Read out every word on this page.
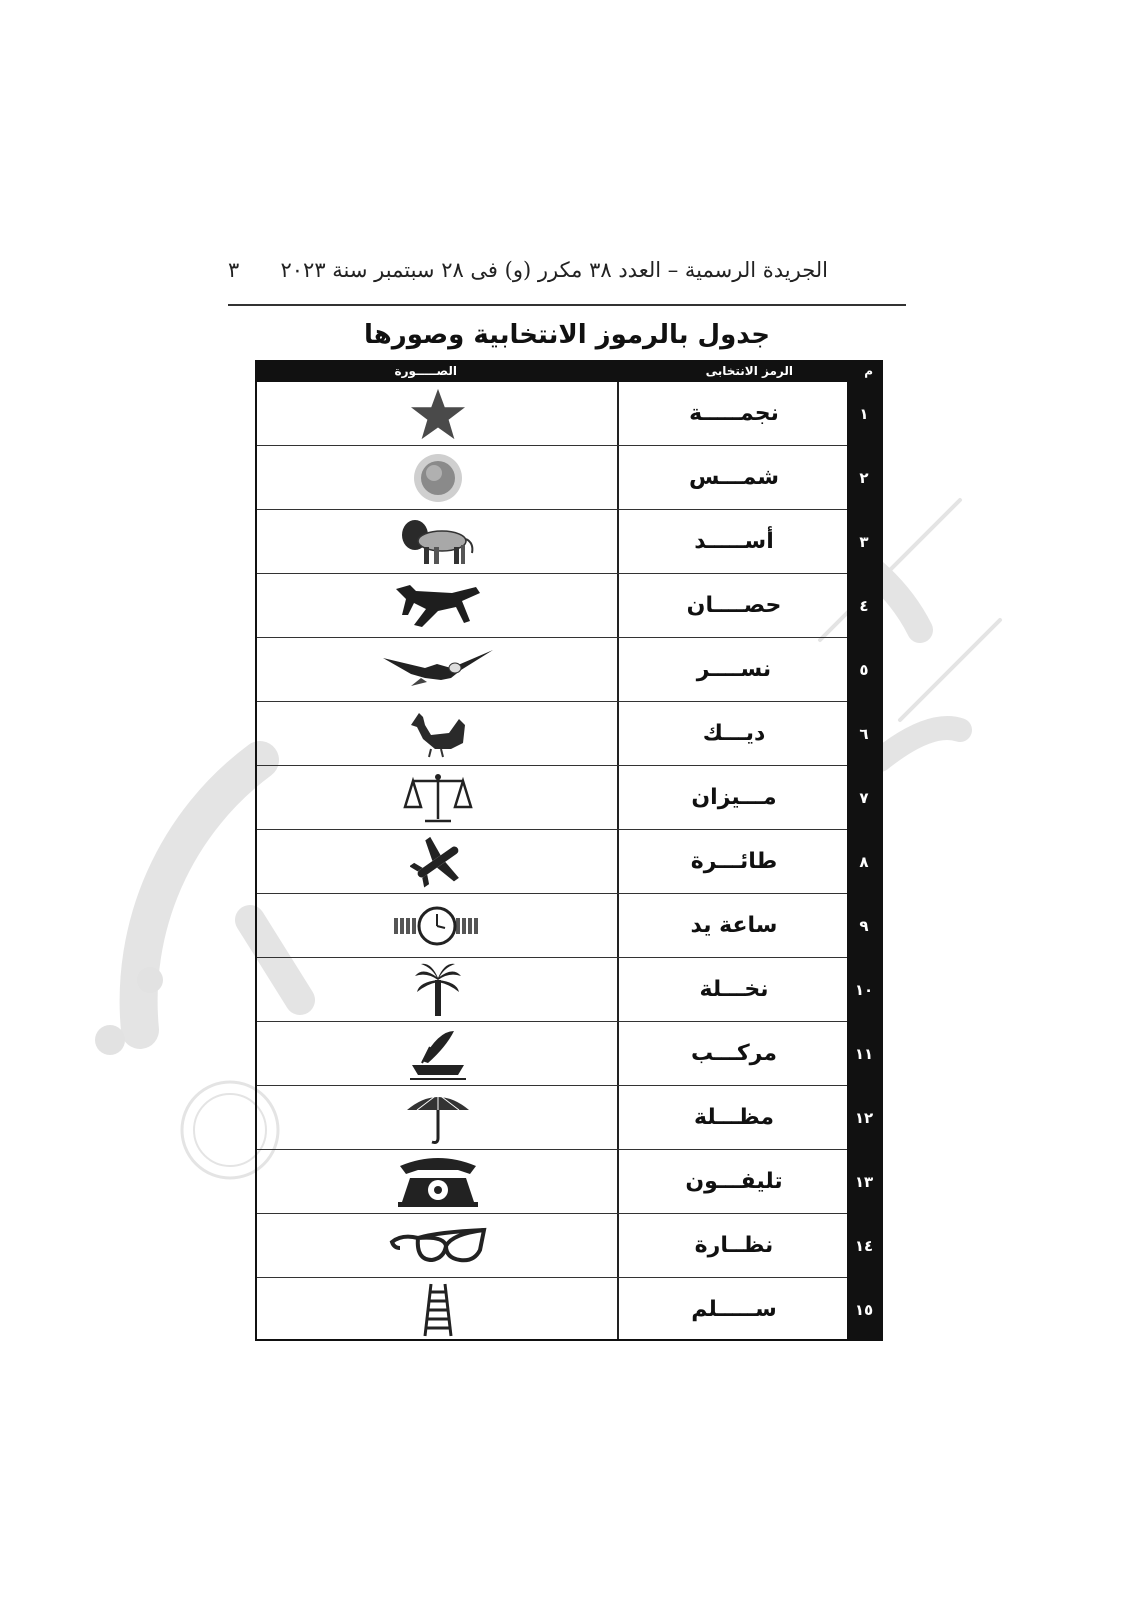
الجريدة الرسمية – العدد ٣٨ مكرر (و) فى ٢٨ سبتمبر سنة ٢٠٢٣
٣
جدول بالرموز الانتخابية وصورها
م
الرمز الانتخابى
الصـــــورة
١
نجمـــــة
٢
شمـــس
٣
أســـــد
٤
حصــــان
٥
نســــر
٦
ديـــك
٧
مـــيزان
٨
طائـــرة
٩
ساعة يد
١٠
نخـــلة
١١
مركـــب
١٢
مظـــلة
١٣
تليفـــون
١٤
نظــارة
١٥
ســـــلم
